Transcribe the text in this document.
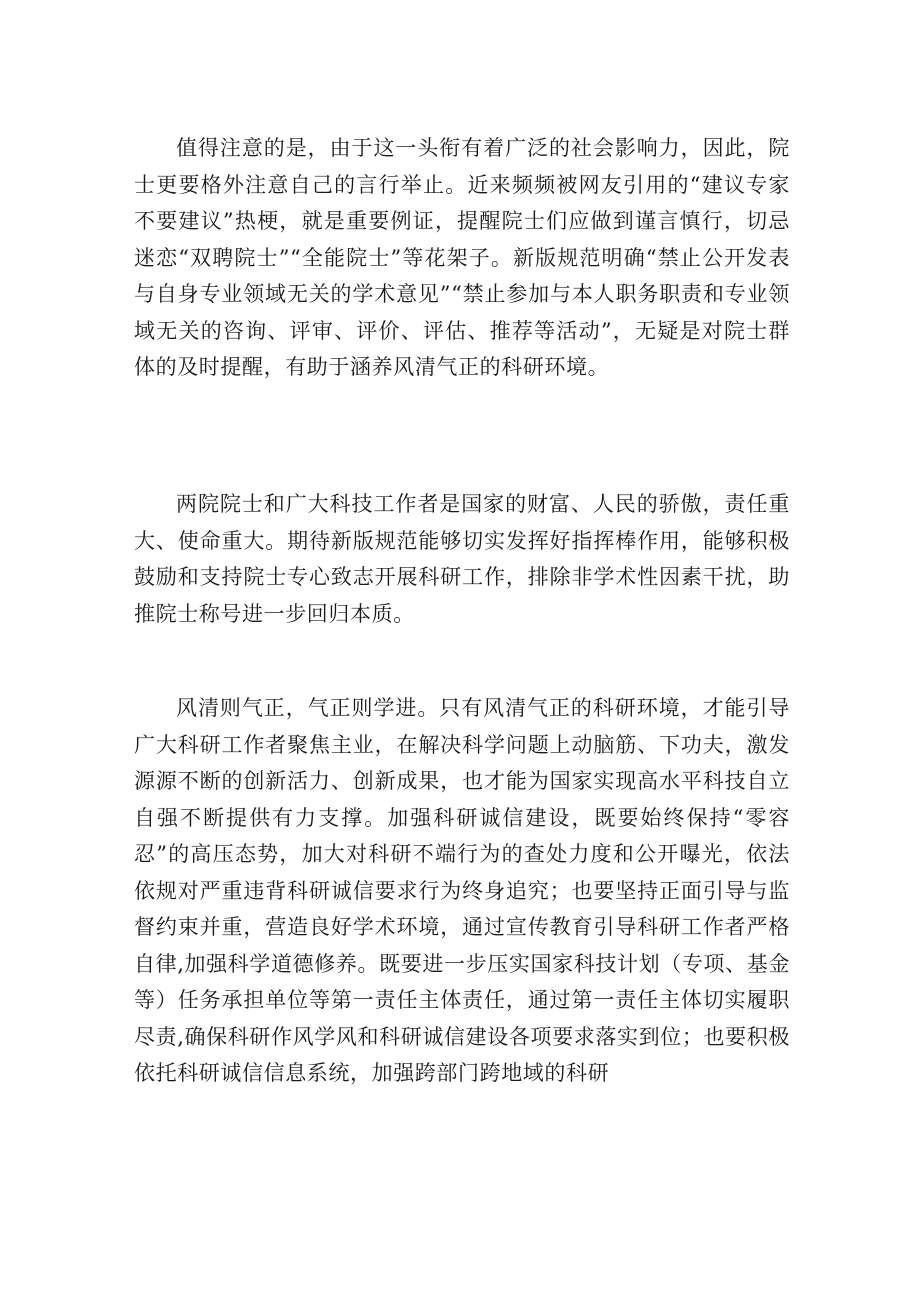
值得注意的是，由于这一头衔有着广泛的社会影响力，因此，院士更要格外注意自己的言行举止。近来频频被网友引用的“建议专家不要建议”热梗，就是重要例证，提醒院士们应做到谨言慎行，切忌迷恋“双聘院士”“全能院士”等花架子。新版规范明确“禁止公开发表与自身专业领域无关的学术意见”“禁止参加与本人职务职责和专业领域无关的咨询、评审、评价、评估、推荐等活动”，无疑是对院士群体的及时提醒，有助于涵养风清气正的科研环境。

两院院士和广大科技工作者是国家的财富、人民的骄傲，责任重大、使命重大。期待新版规范能够切实发挥好指挥棒作用，能够积极鼓励和支持院士专心致志开展科研工作，排除非学术性因素干扰，助推院士称号进一步回归本质。

风清则气正，气正则学进。只有风清气正的科研环境，才能引导广大科研工作者聚焦主业，在解决科学问题上动脑筋、下功夫，激发源源不断的创新活力、创新成果，也才能为国家实现高水平科技自立自强不断提供有力支撑。加强科研诚信建设，既要始终保持“零容忍”的高压态势，加大对科研不端行为的查处力度和公开曝光，依法依规对严重违背科研诚信要求行为终身追究；也要坚持正面引导与监督约束并重，营造良好学术环境，通过宣传教育引导科研工作者严格自律,加强科学道德修养。既要进一步压实国家科技计划（专项、基金等）任务承担单位等第一责任主体责任，通过第一责任主体切实履职尽责,确保科研作风学风和科研诚信建设各项要求落实到位；也要积极依托科研诚信信息系统，加强跨部门跨地域的科研
